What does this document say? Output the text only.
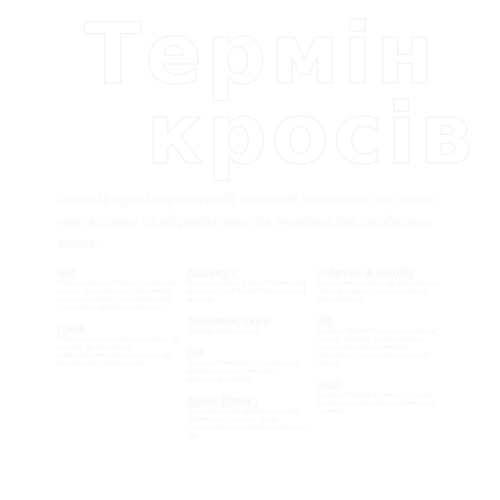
Термін
кросів
Всесвіт кросівок має свій власний лексикон. Ви часто чуєте сленг та абревіатури. Це терміни, які необхідно знати.
GR
Означає «General Release» (загальний випуск). Ці кросівки не є лімітованими, вони випускаються у великій кількості та доступні у звичайних магазинах.
Грай
Абревіатура від «Граальні кросівки». Це кросівки, що вважаються найбажанішими для колекціонера, які він мріє мати у своїй колекції.
Кемпаут
Коли люди стоять у черзі біля магазину кілька днів, щоб купити лімітовану пару кросівок.
Зношена пара
Кросівки, які вже носили.
DS
Означає «Deadstock» — кросівки, які ніколи не носили та які мають оригінальну упаковку.
Дроп (Drop)
Дата релізу нових кросівок, коли вони з'являються у продажу. Також стосується випуску обмеженої кількості пар.
Friends & Family
Дуже рідкісні кросівки, які випускаються тільки для друзів та родини компанії або дизайнера.
PE
Означає «Player Exclusive» (ексклюзив гравця). Кросівки, що створюються спеціально для професійного спортсмена і не продаються широкій публіці.
F&F
Означає «Friends & Family» — рідкісні кросівки, які випускаються обмеженим тиражем.
